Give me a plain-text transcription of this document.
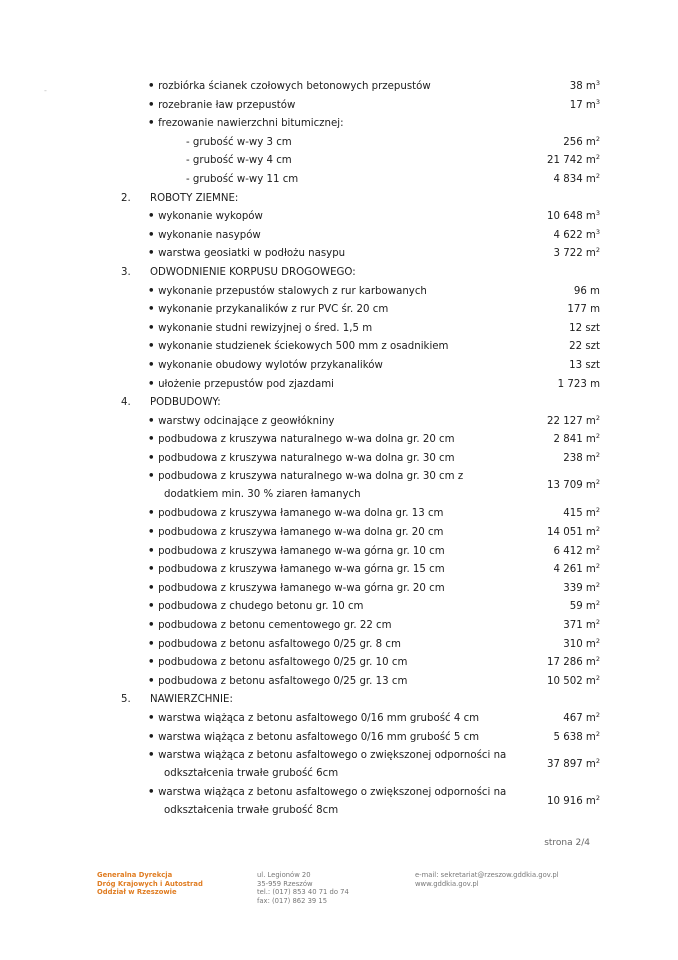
-
•	rozbiórka ścianek czołowych betonowych przepustów	38 $m^3$
• rozebranie ław przepustów	17 $m^3$
• frezowanie nawierzchni bitumicznej:
- grubość w-wy 3 cm	256 $m^2$
- grubość w-wy 4 cm	21 742 $m^2$
- grubość w-wy 11 cm	4 834 $m^2$
2. ROBOTY ZIEMNE:
• wykonanie wykopów	10 648 $m^3$
• wykonanie nasypów	4 622 $m^3$
• warstwa geosiatki w podłożu nasypu	3 722 $m^2$
3. ODWODNIENIE KORPUSU DROGOWEGO:
• wykonanie przepustów stalowych z rur karbowanych	96 m
• wykonanie przykanalików z rur PVC śr. 20 cm	177 m
• wykonanie studni rewizyjnej o śred. 1,5 m	12 szt
• wykonanie studzienek ściekowych 500 mm z osadnikiem	22 szt
• wykonanie obudowy wylotów przykanalików	13 szt
• ułożenie przepustów pod zjazdami	1 723 m
4. PODBUDOWY:
• warstwy odcinające z geowłókniny	22 127 $m^2$
• podbudowa z kruszywa naturalnego w-wa dolna gr. 20 cm	2 841 $m^2$
• podbudowa z kruszywa naturalnego w-wa dolna gr. 30 cm	238 $m^2$
• podbudowa z kruszywa naturalnego w-wa dolna gr. 30 cm z
dodatkiem min. 30 % ziaren łamanych
13 709 $m^2$
• podbudowa z kruszywa łamanego w-wa dolna gr. 13 cm	415 $m^2$
• podbudowa z kruszywa łamanego w-wa dolna gr. 20 cm	14 051 $m^2$
• podbudowa z kruszywa łamanego w-wa górna gr. 10 cm	6 412 $m^2$
• podbudowa z kruszywa łamanego w-wa górna gr. 15 cm	4 261 $m^2$
• podbudowa z kruszywa łamanego w-wa górna gr. 20 cm	339 $m^2$
• podbudowa z chudego betonu gr. 10 cm	59 $m^2$
• podbudowa z betonu cementowego gr. 22 cm	371 $m^2$
• podbudowa z betonu asfaltowego 0/25 gr. 8 cm	310 $m^2$
• podbudowa z betonu asfaltowego 0/25 gr. 10 cm	17 286 $m^2$
• podbudowa z betonu asfaltowego 0/25 gr. 13 cm	10 502 $m^2$
5. NAWIERZCHNIE:
• warstwa wiążąca z betonu asfaltowego 0/16 mm grubość 4 cm	467 $m^2$
• warstwa wiążąca z betonu asfaltowego 0/16 mm grubość 5 cm	5 638 $m^2$
• warstwa wiążąca z betonu asfaltowego o zwiększonej odporności na
odkształcenia trwałe grubość 6cm
37 897 $m^2$
• warstwa wiążąca z betonu asfaltowego o zwiększonej odporności na
odkształcenia trwałe grubość 8cm
10 916 $m^2$
strona 2/4
Generalna Dyrekcja
Dróg Krajowych i Autostrad
Oddział w Rzeszowie
ul. Legionów 20
35-959 Rzeszów
tel.: (017) 853 40 71 do 74
fax: (017) 862 39 15
e-mail: sekretariat@rzeszow.gddkia.gov.pl
www.gddkia.gov.pl
